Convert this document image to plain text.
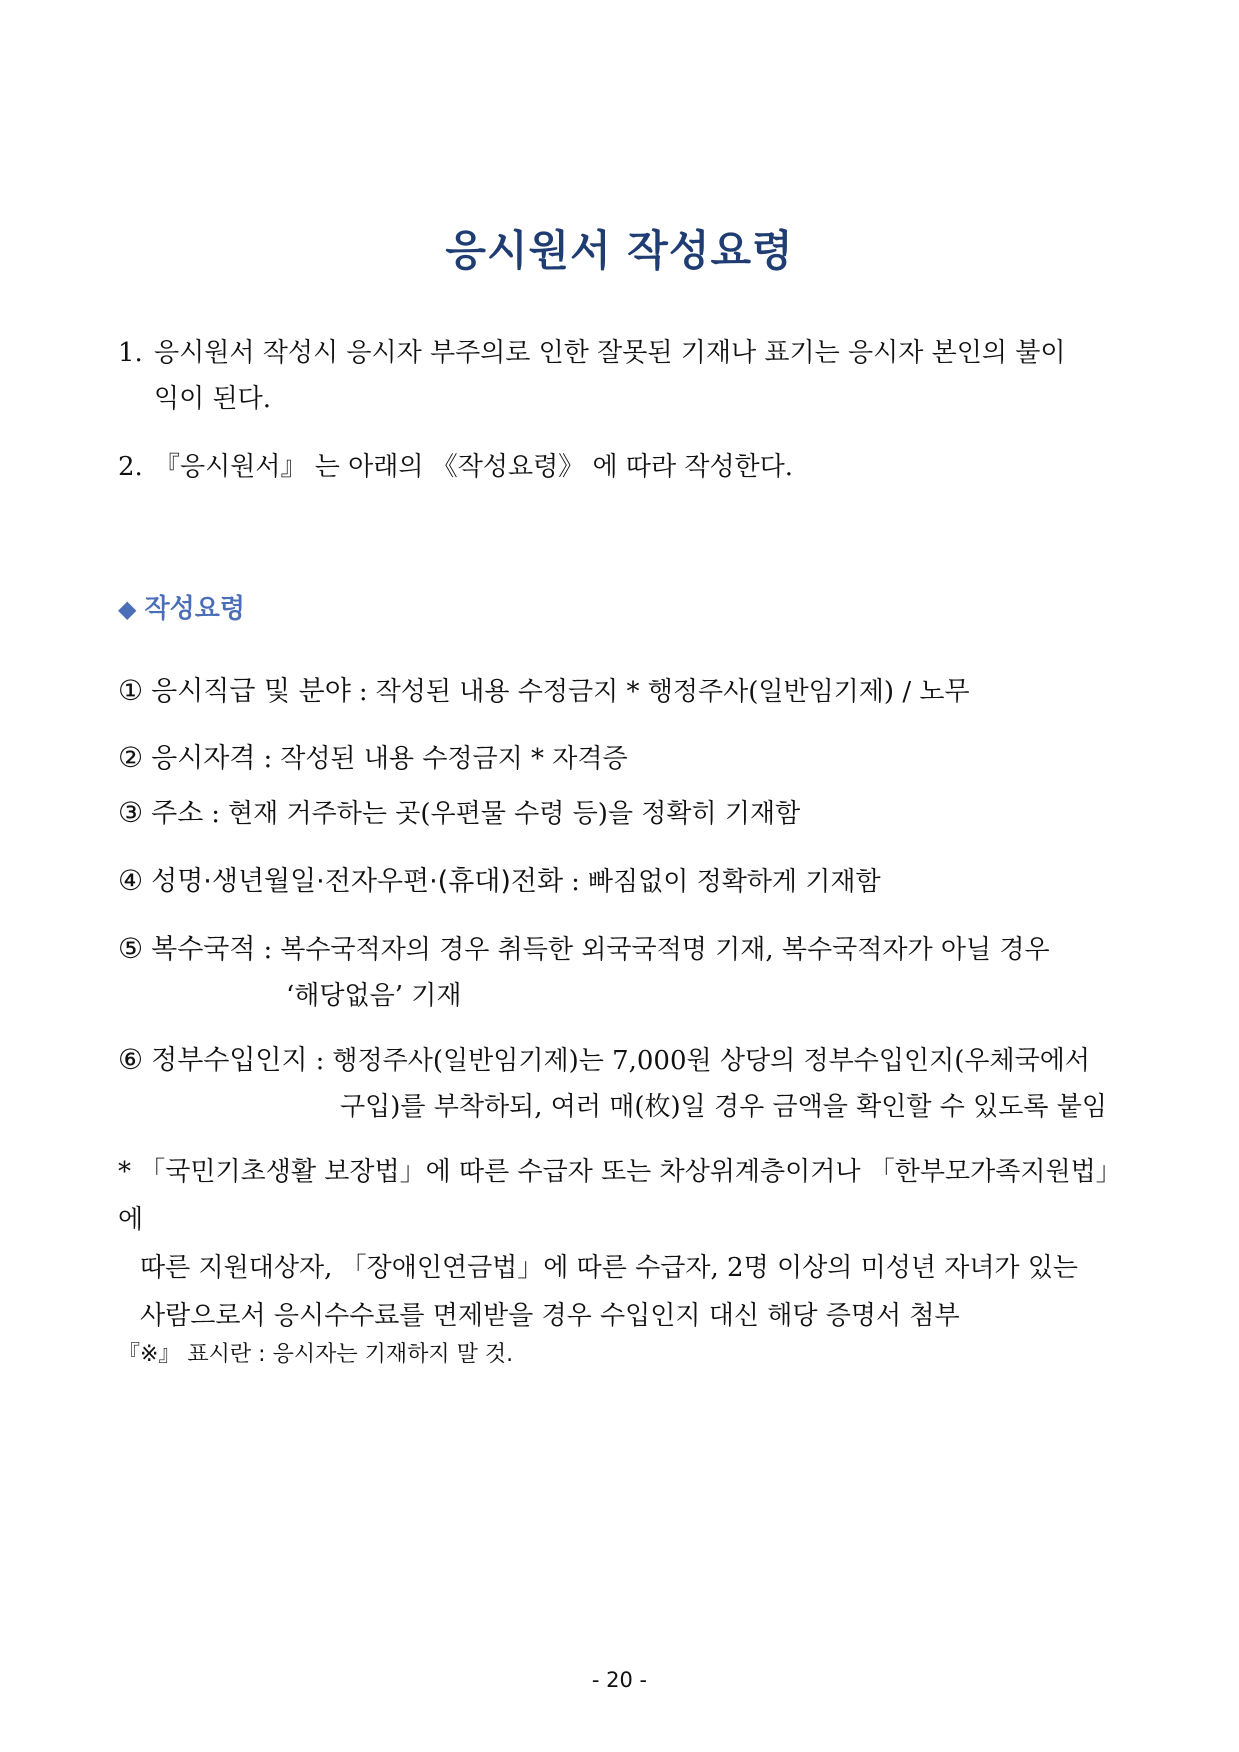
응시원서 작성요령
1. 응시원서 작성시 응시자 부주의로 인한 잘못된 기재나 표기는 응시자 본인의 불이
익이 된다.
2. 『응시원서』 는 아래의 《작성요령》 에 따라 작성한다.
◆ 작성요령
① 응시직급 및 분야 : 작성된 내용 수정금지 * 행정주사(일반임기제) / 노무
② 응시자격 : 작성된 내용 수정금지 * 자격증
③ 주소 : 현재 거주하는 곳(우편물 수령 등)을 정확히 기재함
④ 성명·생년월일·전자우편·(휴대)전화 : 빠짐없이 정확하게 기재함
⑤ 복수국적 : 복수국적자의 경우 취득한 외국국적명 기재, 복수국적자가 아닐 경우
‘해당없음’ 기재
⑥ 정부수입인지 : 행정주사(일반임기제)는 7,000원 상당의 정부수입인지(우체국에서
구입)를 부착하되, 여러 매(枚)일 경우 금액을 확인할 수 있도록 붙임
* 「국민기초생활 보장법」에 따른 수급자 또는 차상위계층이거나 「한부모가족지원법」에
따른 지원대상자, 「장애인연금법」에 따른 수급자, 2명 이상의 미성년 자녀가 있는
사람으로서 응시수수료를 면제받을 경우 수입인지 대신 해당 증명서 첨부
『※』 표시란 : 응시자는 기재하지 말 것.
- 20 -
